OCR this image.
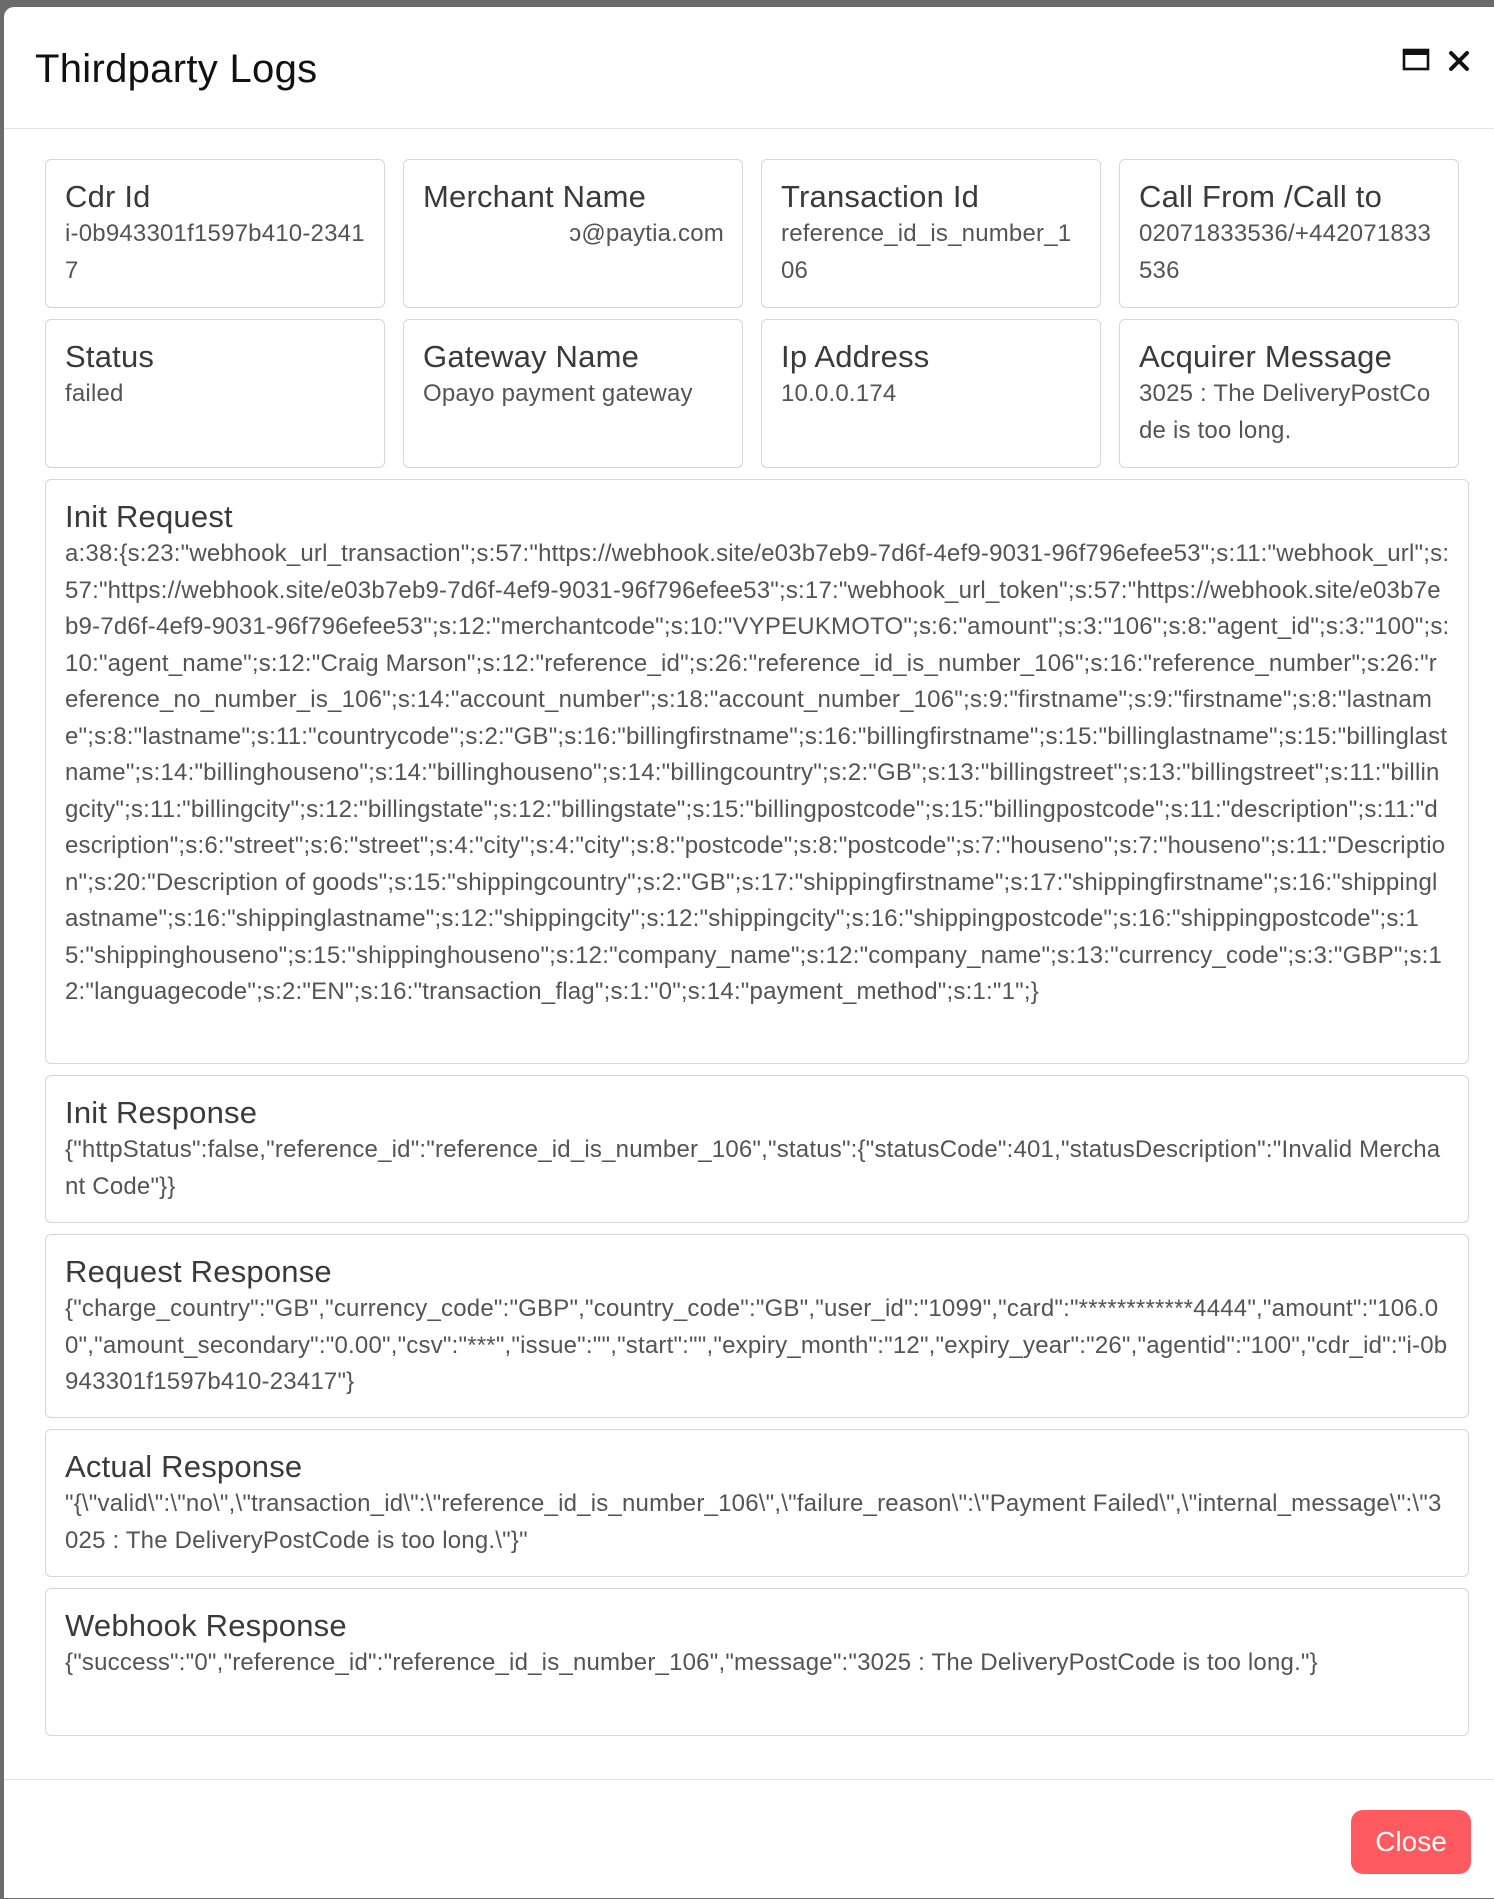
Thirdparty Logs
Cdr Id
i-0b943301f1597b410-23417
Merchant Name
ɔ@paytia.com
Transaction Id
reference_id_is_number_106
Call From /Call to
02071833536/+442071833536
Status
failed
Gateway Name
Opayo payment gateway
Ip Address
10.0.0.174
Acquirer Message
3025 : The DeliveryPostCode is too long.
Init Request
a:38:{s:23:"webhook_url_transaction";s:57:"https://webhook.site/e03b7eb9-7d6f-4ef9-9031-96f796efee53";s:11:"webhook_url";s:57:"https://webhook.site/e03b7eb9-7d6f-4ef9-9031-96f796efee53";s:17:"webhook_url_token";s:57:"https://webhook.site/e03b7eb9-7d6f-4ef9-9031-96f796efee53";s:12:"merchantcode";s:10:"VYPEUKMOTO";s:6:"amount";s:3:"106";s:8:"agent_id";s:3:"100";s:10:"agent_name";s:12:"Craig Marson";s:12:"reference_id";s:26:"reference_id_is_number_106";s:16:"reference_number";s:26:"reference_no_number_is_106";s:14:"account_number";s:18:"account_number_106";s:9:"firstname";s:9:"firstname";s:8:"lastname";s:8:"lastname";s:11:"countrycode";s:2:"GB";s:16:"billingfirstname";s:16:"billingfirstname";s:15:"billinglastname";s:15:"billinglastname";s:14:"billinghouseno";s:14:"billinghouseno";s:14:"billingcountry";s:2:"GB";s:13:"billingstreet";s:13:"billingstreet";s:11:"billingcity";s:11:"billingcity";s:12:"billingstate";s:12:"billingstate";s:15:"billingpostcode";s:15:"billingpostcode";s:11:"description";s:11:"description";s:6:"street";s:6:"street";s:4:"city";s:4:"city";s:8:"postcode";s:8:"postcode";s:7:"houseno";s:7:"houseno";s:11:"Description";s:20:"Description of goods";s:15:"shippingcountry";s:2:"GB";s:17:"shippingfirstname";s:17:"shippingfirstname";s:16:"shippinglastname";s:16:"shippinglastname";s:12:"shippingcity";s:12:"shippingcity";s:16:"shippingpostcode";s:16:"shippingpostcode";s:15:"shippinghouseno";s:15:"shippinghouseno";s:12:"company_name";s:12:"company_name";s:13:"currency_code";s:3:"GBP";s:12:"languagecode";s:2:"EN";s:16:"transaction_flag";s:1:"0";s:14:"payment_method";s:1:"1";}
Init Response
{"httpStatus":false,"reference_id":"reference_id_is_number_106","status":{"statusCode":401,"statusDescription":"Invalid Merchant Code"}}
Request Response
{"charge_country":"GB","currency_code":"GBP","country_code":"GB","user_id":"1099","card":"************4444","amount":"106.00","amount_secondary":"0.00","csv":"***","issue":"","start":"","expiry_month":"12","expiry_year":"26","agentid":"100","cdr_id":"i-0b943301f1597b410-23417"}
Actual Response
"{\"valid\":\"no\",\"transaction_id\":\"reference_id_is_number_106\",\"failure_reason\":\"Payment Failed\",\"internal_message\":\"3025 : The DeliveryPostCode is too long.\"}"
Webhook Response
{"success":"0","reference_id":"reference_id_is_number_106","message":"3025 : The DeliveryPostCode is too long."}
Close
